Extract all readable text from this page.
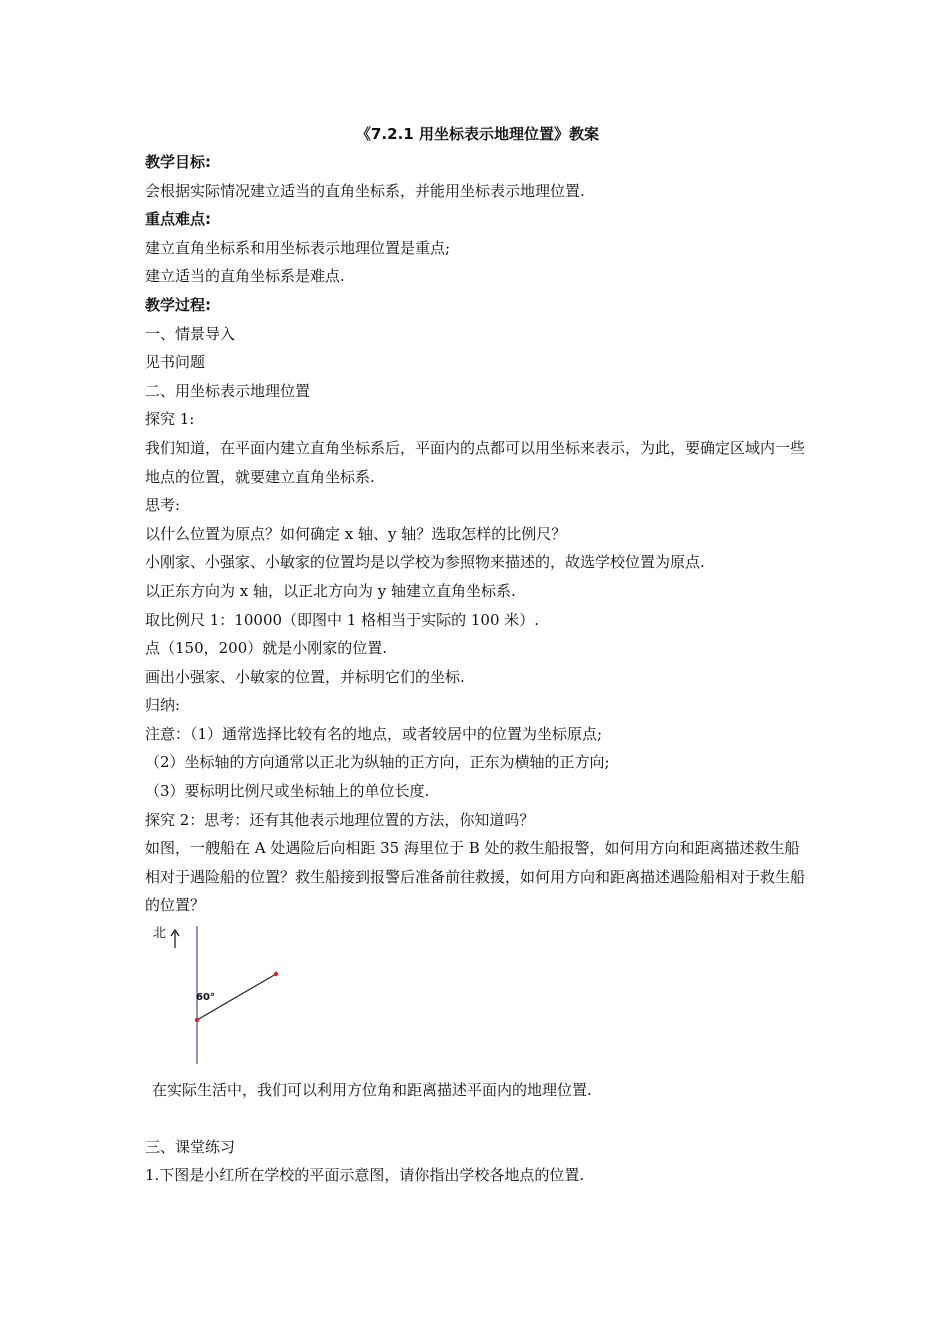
《7.2.1 用坐标表示地理位置》教案

教学目标:

会根据实际情况建立适当的直角坐标系，并能用坐标表示地理位置.

重点难点:

建立直角坐标系和用坐标表示地理位置是重点;

建立适当的直角坐标系是难点.

教学过程:

一、情景导入

见书问题

二、用坐标表示地理位置

探究 1:

我们知道，在平面内建立直角坐标系后，平面内的点都可以用坐标来表示，为此，要确定区域内一些地点的位置，就要建立直角坐标系.

思考:

以什么位置为原点？如何确定 x 轴、y 轴？选取怎样的比例尺？

小刚家、小强家、小敏家的位置均是以学校为参照物来描述的，故选学校位置为原点.

以正东方向为 x 轴，以正北方向为 y 轴建立直角坐标系.

取比例尺 1：10000（即图中 1 格相当于实际的 100 米）.

点（150，200）就是小刚家的位置.

画出小强家、小敏家的位置，并标明它们的坐标.

归纳:

注意：（1）通常选择比较有名的地点，或者较居中的位置为坐标原点;

（2）坐标轴的方向通常以正北为纵轴的正方向，正东为横轴的正方向;

（3）要标明比例尺或坐标轴上的单位长度.

探究 2：思考：还有其他表示地理位置的方法，你知道吗？

如图，一艘船在 A 处遇险后向相距 35 海里位于 B 处的救生船报警，如何用方向和距离描述救生船相对于遇险船的位置？救生船接到报警后准备前往救援，如何用方向和距离描述遇险船相对于救生船的位置？

北
60°

在实际生活中，我们可以利用方位角和距离描述平面内的地理位置.

三、课堂练习

1.下图是小红所在学校的平面示意图，请你指出学校各地点的位置.
